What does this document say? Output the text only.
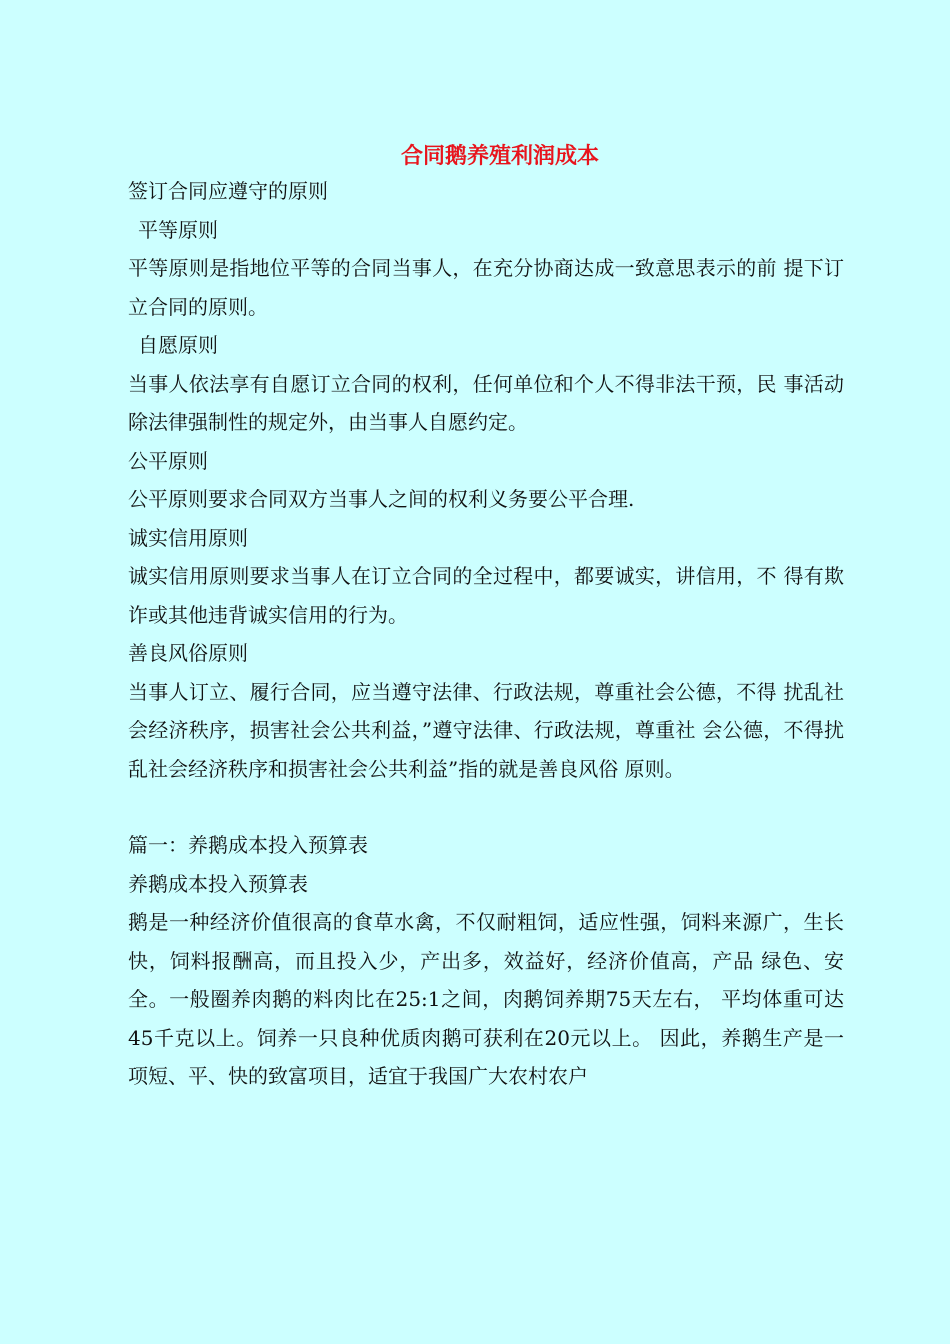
合同鹅养殖利润成本

签订合同应遵守的原则

平等原则

平等原则是指地位平等的合同当事人，在充分协商达成一致意思表示的前 提下订立合同的原则。

自愿原则

当事人依法享有自愿订立合同的权利，任何单位和个人不得非法干预，民 事活动除法律强制性的规定外，由当事人自愿约定。

公平原则

公平原则要求合同双方当事人之间的权利义务要公平合理.

诚实信用原则

诚实信用原则要求当事人在订立合同的全过程中，都要诚实，讲信用，不 得有欺诈或其他违背诚实信用的行为。

善良风俗原则

当事人订立、履行合同，应当遵守法律、行政法规，尊重社会公德，不得 扰乱社会经济秩序，损害社会公共利益，”遵守法律、行政法规，尊重社 会公德，不得扰乱社会经济秩序和损害社会公共利益”指的就是善良风俗 原则。

篇一：养鹅成本投入预算表

养鹅成本投入预算表

鹅是一种经济价值很高的食草水禽，不仅耐粗饲，适应性强，饲料来源广，生长快，饲料报酬高，而且投入少，产出多，效益好，经济价值高，产品 绿色、安全。一般圈养肉鹅的料肉比在25:1之间，肉鹅饲养期75天左右， 平均体重可达45千克以上。饲养一只良种优质肉鹅可获利在20元以上。 因此，养鹅生产是一项短、平、快的致富项目，适宜于我国广大农村农户
